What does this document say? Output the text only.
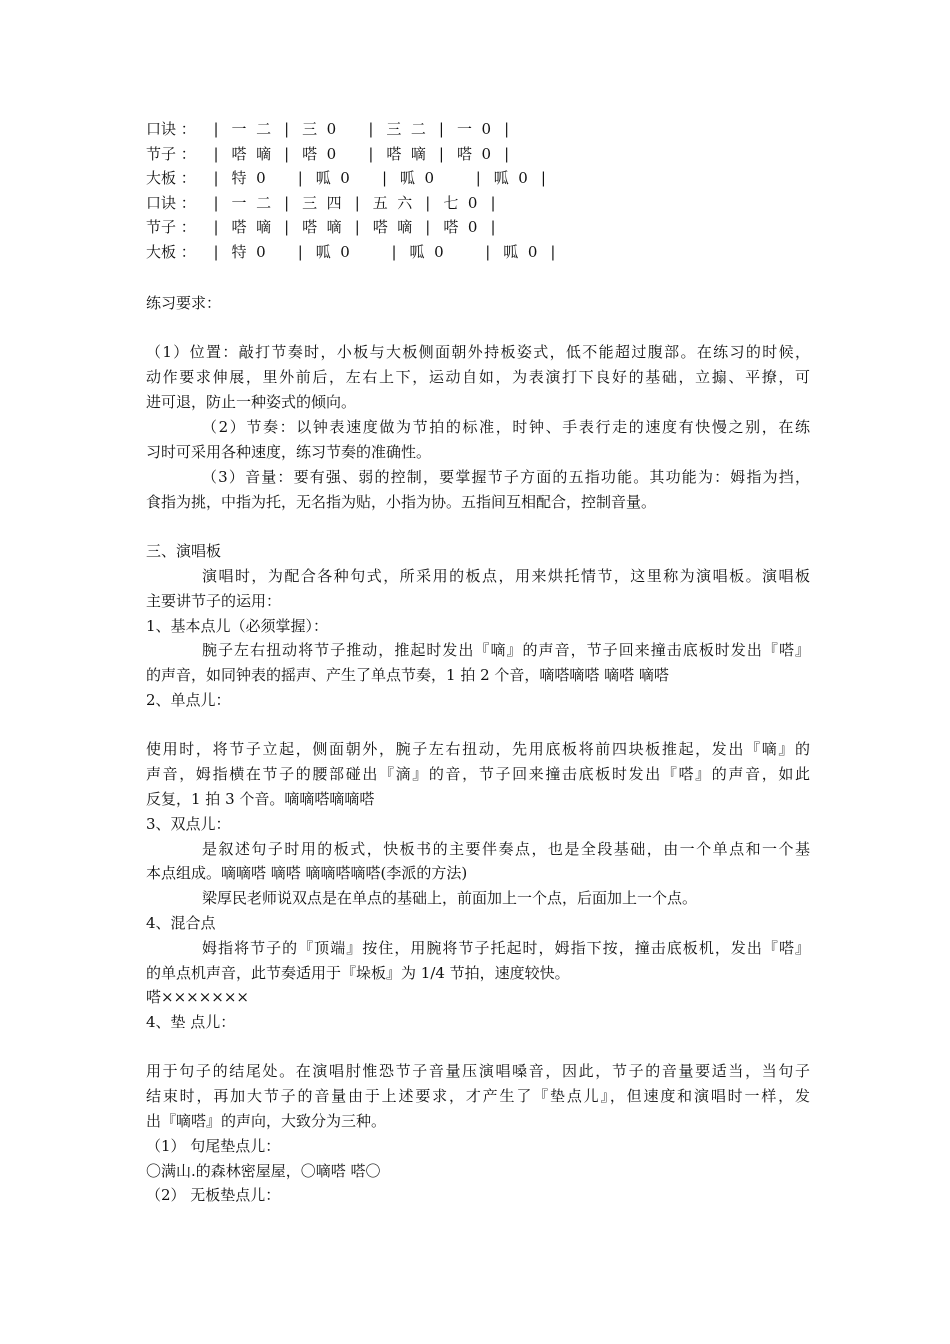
口诀 ：	| 一  二 | 三  0 | 三  二 | 一  0 |
节子 ：	| 嗒  嘀 | 嗒  0 | 嗒  嘀 | 嗒  0 |
大板 ：	| 特  0 | 呱  0 | 呱  0 | 呱  0 |
口诀 ：	| 一  二 | 三  四 | 五  六 | 七  0 |
节子 ：	| 嗒  嘀 | 嗒  嘀 | 嗒  嘀 | 嗒  0 |
大板 ：	| 特  0 | 呱  0 | 呱  0 | 呱  0 |
练习要求：
（1）位置：敲打节奏时，小板与大板侧面朝外持板姿式，低不能超过腹部。在练习的时候，
动作要求伸展，里外前后，左右上下，运动自如，为表演打下良好的基础，立搧、平撩，可
进可退，防止一种姿式的倾向。
（2）节奏：以钟表速度做为节拍的标准，时钟、手表行走的速度有快慢之别，在练
习时可采用各种速度，练习节奏的准确性。
（3）音量：要有强、弱的控制，要掌握节子方面的五指功能。其功能为：姆指为挡，
食指为挑，中指为托，无名指为贴，小指为协。五指间互相配合，控制音量。
三、演唱板
演唱时，为配合各种句式，所采用的板点，用来烘托情节，这里称为演唱板。演唱板
主要讲节子的运用：
1、基本点儿（必须掌握）：
腕子左右扭动将节子推动，推起时发出『嘀』的声音，节子回来撞击底板时发出『嗒』
的声音，如同钟表的摇声、产生了单点节奏，1 拍 2 个音，嘀嗒嘀嗒 嘀嗒 嘀嗒
2、单点儿：
使用时，将节子立起，侧面朝外，腕子左右扭动，先用底板将前四块板推起，发出『嘀』的
声音，姆指横在节子的腰部碰出『滴』的音，节子回来撞击底板时发出『嗒』的声音，如此
反复，1 拍 3 个音。嘀嘀嗒嘀嘀嗒
3、双点儿：
是叙述句子时用的板式，快板书的主要伴奏点，也是全段基础，由一个单点和一个基
本点组成。嘀嘀嗒 嘀嗒 嘀嘀嗒嘀嗒(李派的方法)
梁厚民老师说双点是在单点的基础上，前面加上一个点，后面加上一个点。
4、混合点
姆指将节子的『顶端』按住，用腕将节子托起时，姆指下按，撞击底板机，发出『嗒』
的单点机声音，此节奏适用于『垛板』为 1/4 节拍，速度较快。
嗒×××××××
4、垫 点儿：
用于句子的结尾处。在演唱肘惟恐节子音量压演唱嗓音，因此，节子的音量要适当，当句子
结束时，再加大节子的音量由于上述要求，才产生了『垫点儿』，但速度和演唱时一样，发
出『嘀嗒』的声向，大致分为三种。
（1） 句尾垫点儿：
〇满山.的森林密屋屋，〇嘀嗒 嗒〇
（2） 无板垫点儿：
